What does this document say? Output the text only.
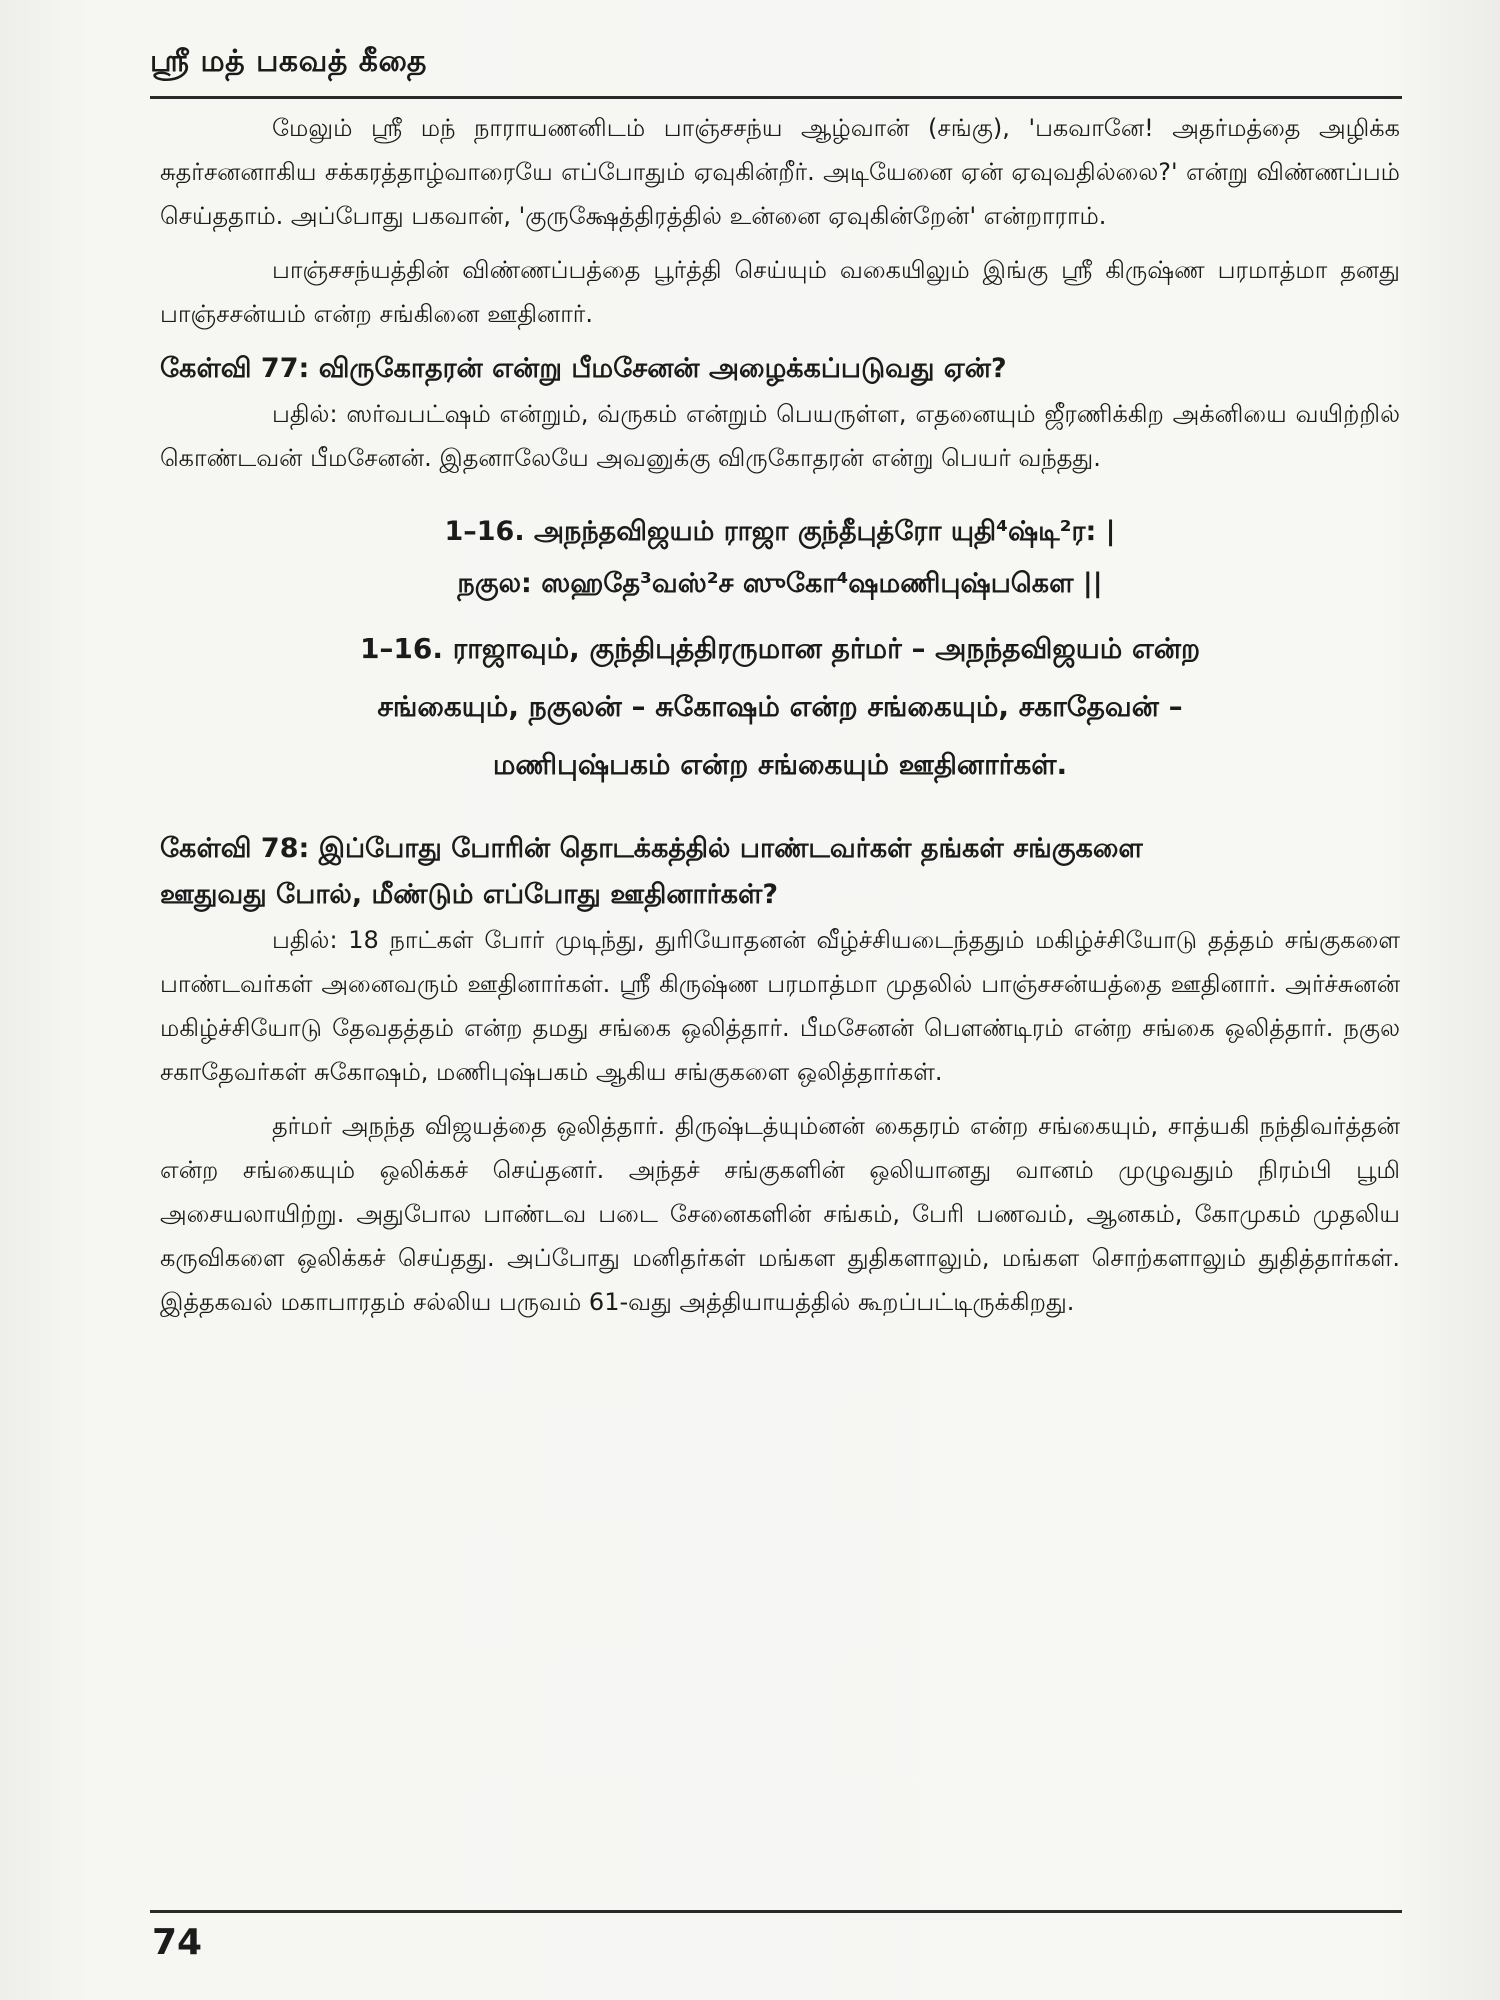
ஸ்ரீ மத் பகவத் கீதை

மேலும் ஸ்ரீ மந் நாராயணனிடம் பாஞ்சசந்ய ஆழ்வான் (சங்கு), 'பகவானே! அதர்மத்தை அழிக்க சுதர்சனனாகிய சக்கரத்தாழ்வாரையே எப்போதும் ஏவுகின்றீர். அடியேனை ஏன் ஏவுவதில்லை?' என்று விண்ணப்பம் செய்ததாம். அப்போது பகவான், 'குருக்ஷேத்திரத்தில் உன்னை ஏவுகின்றேன்' என்றாராம்.

பாஞ்சசந்யத்தின் விண்ணப்பத்தை பூர்த்தி செய்யும் வகையிலும் இங்கு ஸ்ரீ கிருஷ்ண பரமாத்மா தனது பாஞ்சசன்யம் என்ற சங்கினை ஊதினார்.

கேள்வி 77: விருகோதரன் என்று பீமசேனன் அழைக்கப்படுவது ஏன்?

பதில்: ஸர்வபட்ஷம் என்றும், வ்ருகம் என்றும் பெயருள்ள, எதனையும் ஜீரணிக்கிற அக்னியை வயிற்றில் கொண்டவன் பீமசேனன். இதனாலேயே அவனுக்கு விருகோதரன் என்று பெயர் வந்தது.

1–16. அநந்தவிஜயம் ராஜா குந்தீபுத்ரோ யுதி⁴ஷ்டி²ர: |
நகுல: ஸஹதே³வஸ்²ச ஸுகோ⁴ஷமணிபுஷ்பகௌ ||
1–16. ராஜாவும், குந்திபுத்திரருமான தர்மர் – அநந்தவிஜயம் என்ற
சங்கையும், நகுலன் – சுகோஷம் என்ற சங்கையும், சகாதேவன் –
மணிபுஷ்பகம் என்ற சங்கையும் ஊதினார்கள்.
கேள்வி 78: இப்போது போரின் தொடக்கத்தில் பாண்டவர்கள் தங்கள் சங்குகளை
ஊதுவது போல், மீண்டும் எப்போது ஊதினார்கள்?

பதில்: 18 நாட்கள் போர் முடிந்து, துரியோதனன் வீழ்ச்சியடைந்ததும் மகிழ்ச்சியோடு தத்தம் சங்குகளை பாண்டவர்கள் அனைவரும் ஊதினார்கள். ஸ்ரீ கிருஷ்ண பரமாத்மா முதலில் பாஞ்சசன்யத்தை ஊதினார். அர்ச்சுனன் மகிழ்ச்சியோடு தேவதத்தம் என்ற தமது சங்கை ஒலித்தார். பீமசேனன் பௌண்டிரம் என்ற சங்கை ஒலித்தார். நகுல சகாதேவர்கள் சுகோஷம், மணிபுஷ்பகம் ஆகிய சங்குகளை ஒலித்தார்கள்.

தர்மர் அநந்த விஜயத்தை ஒலித்தார். திருஷ்டத்யும்னன் கைதரம் என்ற சங்கையும், சாத்யகி நந்திவர்த்தன் என்ற சங்கையும் ஒலிக்கச் செய்தனர். அந்தச் சங்குகளின் ஒலியானது வானம் முழுவதும் நிரம்பி பூமி அசையலாயிற்று. அதுபோல பாண்டவ படை சேனைகளின் சங்கம், பேரி பணவம், ஆனகம், கோமுகம் முதலிய கருவிகளை ஒலிக்கச் செய்தது. அப்போது மனிதர்கள் மங்கள துதிகளாலும், மங்கள சொற்களாலும் துதித்தார்கள். இத்தகவல் மகாபாரதம் சல்லிய பருவம் 61-வது அத்தியாயத்தில் கூறப்பட்டிருக்கிறது.

74
